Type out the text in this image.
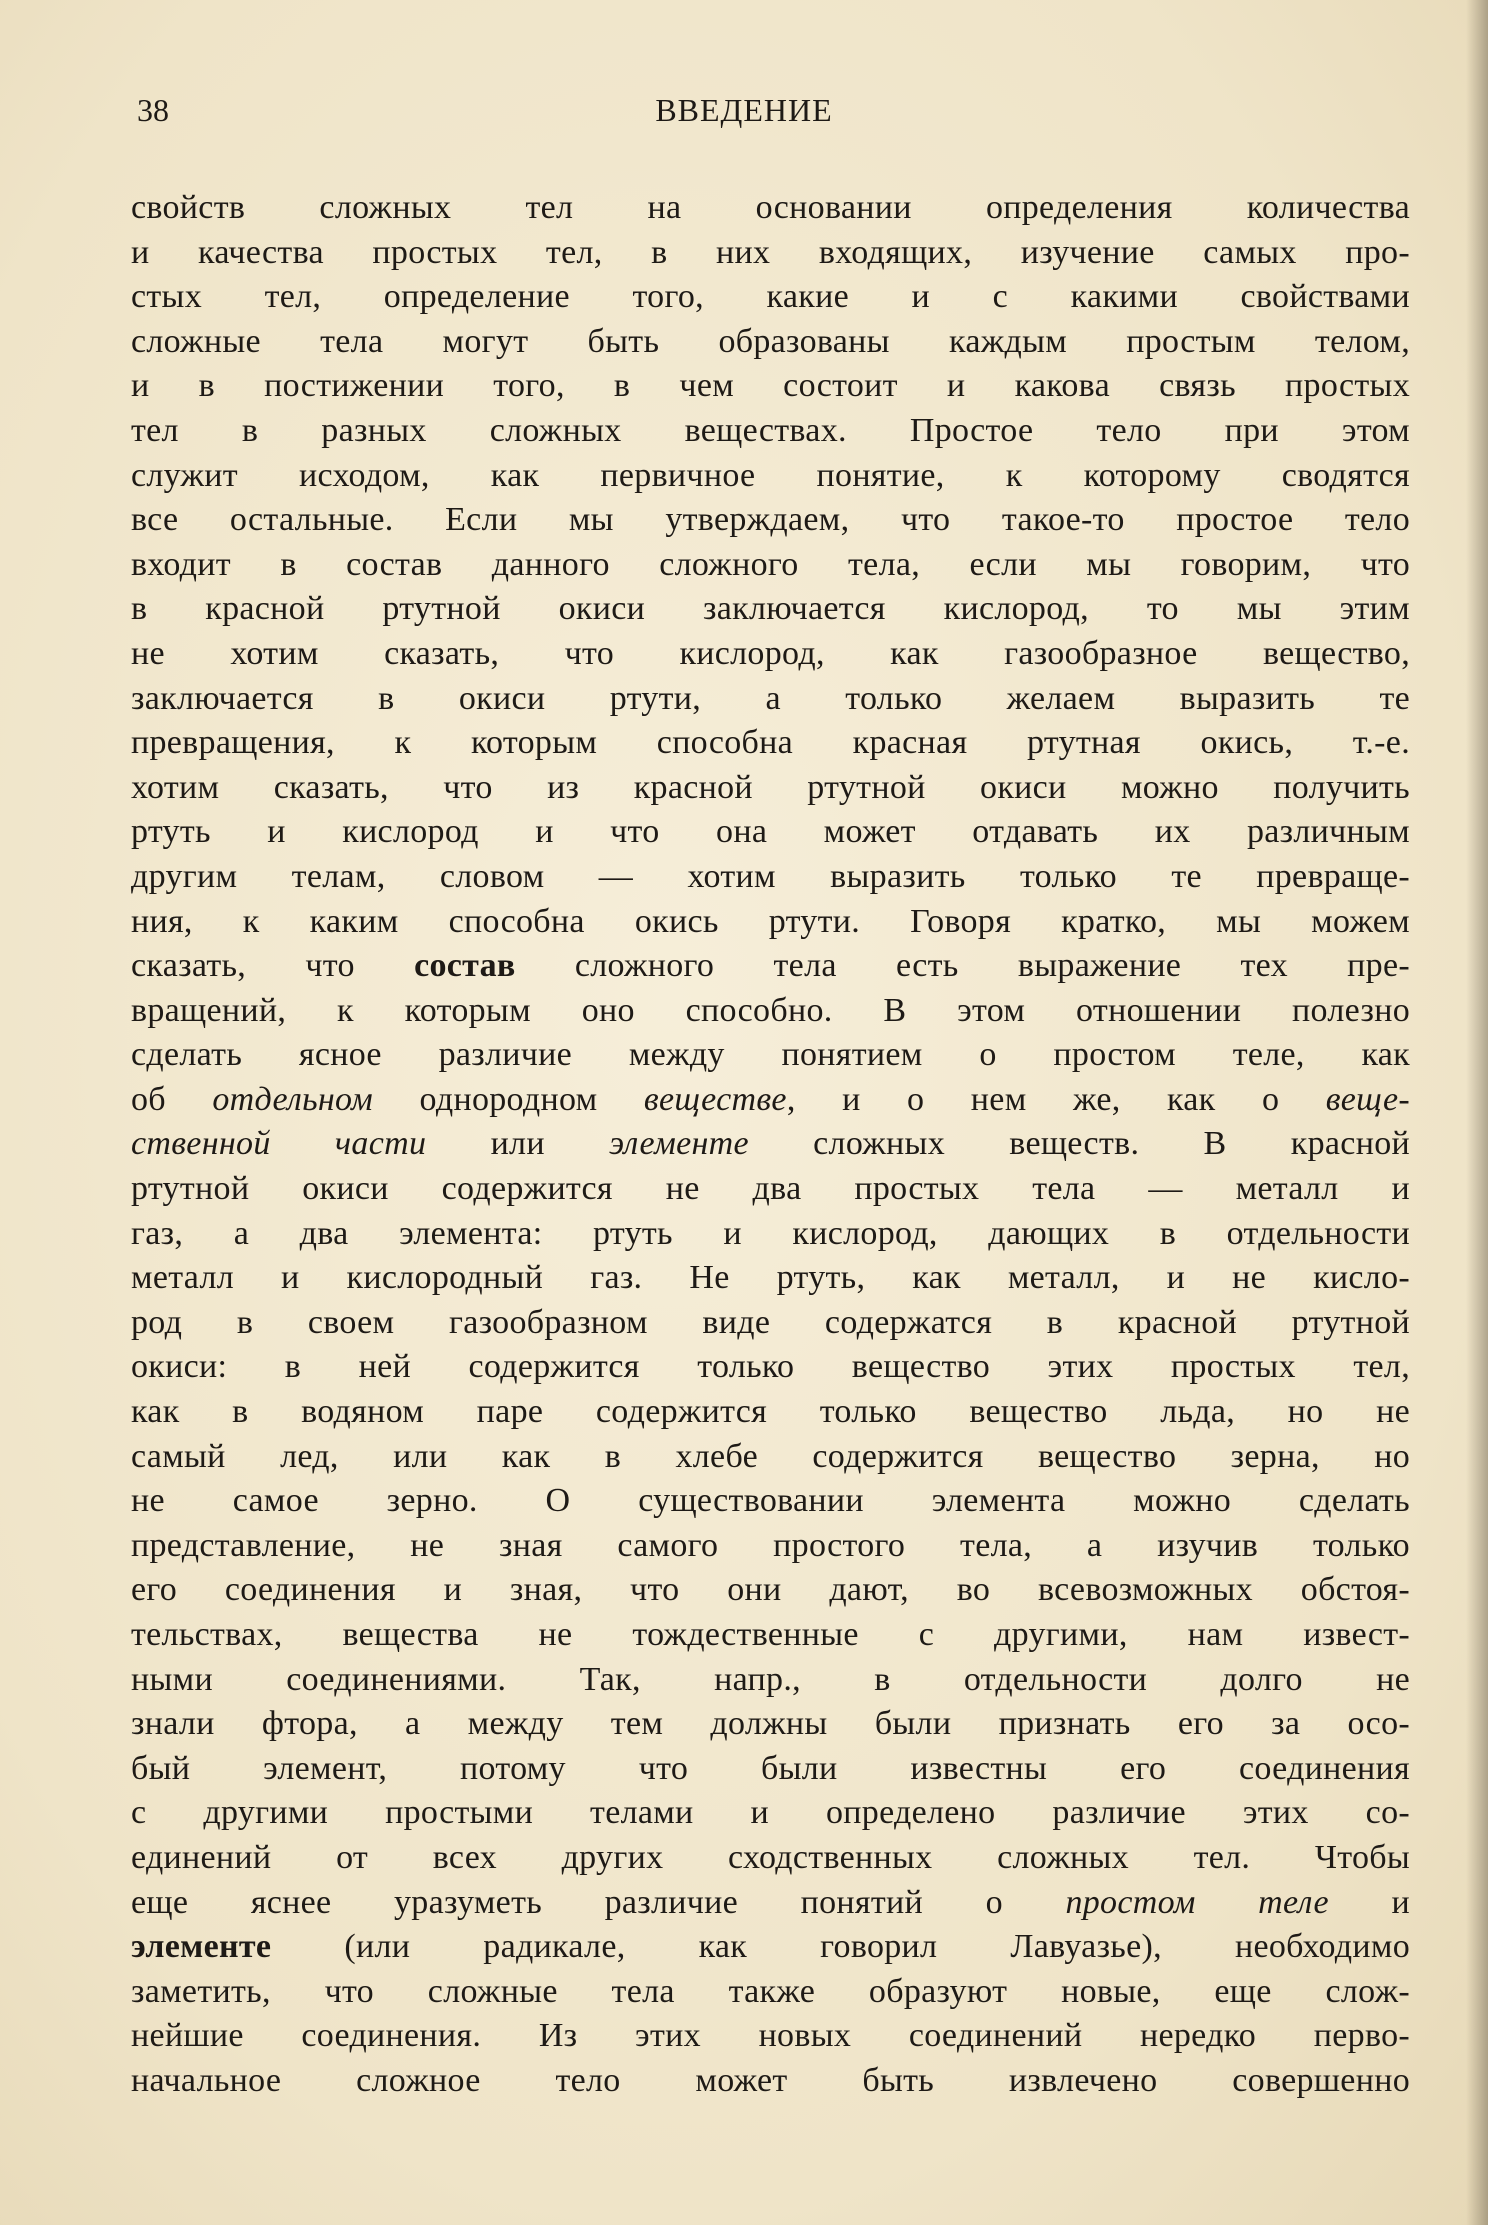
38	ВВЕДЕНИЕ
свойств сложных тел на основании определения количества
и качества простых тел, в них входящих, изучение самых про-
стых тел, определение того, какие и с какими свойствами
сложные тела могут быть образованы каждым простым телом,
и в постижении того, в чем состоит и какова связь простых
тел в разных сложных веществах. Простое тело при этом
служит исходом, как первичное понятие, к которому сводятся
все остальные. Если мы утверждаем, что такое-то простое тело
входит в состав данного сложного тела, если мы говорим, что
в красной ртутной окиси заключается кислород, то мы этим
не хотим сказать, что кислород, как газообразное вещество,
заключается в окиси ртути, а только желаем выразить те
превращения, к которым способна красная ртутная окись, т.-е.
хотим сказать, что из красной ртутной окиси можно получить
ртуть и кислород и что она может отдавать их различным
другим телам, словом — хотим выразить только те превраще-
ния, к каким способна окись ртути. Говоря кратко, мы можем
сказать, что состав сложного тела есть выражение тех пре-
вращений, к которым оно способно. В этом отношении полезно
сделать ясное различие между понятием о простом теле, как
об отдельном однородном веществе, и о нем же, как о веще-
ственной части или элементе сложных веществ. В красной
ртутной окиси содержится не два простых тела — металл и
газ, а два элемента: ртуть и кислород, дающих в отдельности
металл и кислородный газ. Не ртуть, как металл, и не кисло-
род в своем газообразном виде содержатся в красной ртутной
окиси: в ней содержится только вещество этих простых тел,
как в водяном паре содержится только вещество льда, но не
самый лед, или как в хлебе содержится вещество зерна, но
не самое зерно. О существовании элемента можно сделать
представление, не зная самого простого тела, а изучив только
его соединения и зная, что они дают, во всевозможных обстоя-
тельствах, вещества не тождественные с другими, нам извест-
ными соединениями. Так, напр., в отдельности долго не
знали фтора, а между тем должны были признать его за осо-
бый элемент, потому что были известны его соединения
с другими простыми телами и определено различие этих со-
единений от всех других сходственных сложных тел. Чтобы
еще яснее уразуметь различие понятий о простом теле и
элементе (или радикале, как говорил Лавуазье), необходимо
заметить, что сложные тела также образуют новые, еще слож-
нейшие соединения. Из этих новых соединений нередко перво-
начальное сложное тело может быть извлечено совершенно
